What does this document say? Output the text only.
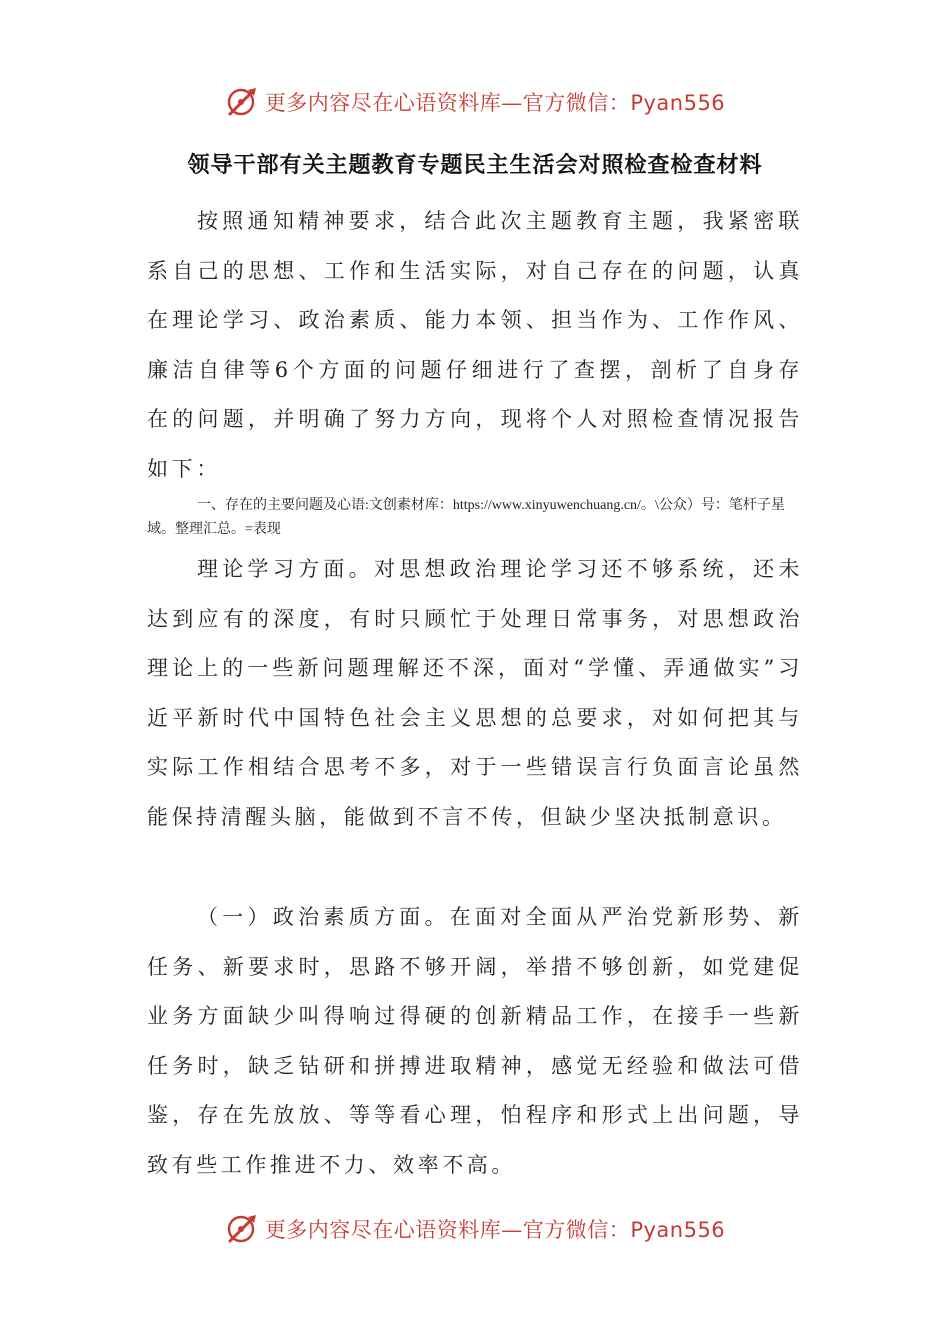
更多内容尽在心语资料库—官方微信：Pyan556
领导干部有关主题教育专题民主生活会对照检查检查材料

按照通知精神要求，结合此次主题教育主题，我紧密联系自己的思想、工作和生活实际，对自己存在的问题，认真在理论学习、政治素质、能力本领、担当作为、工作作风、廉洁自律等6个方面的问题仔细进行了查摆，剖析了自身存在的问题，并明确了努力方向，现将个人对照检查情况报告如下：

一、存在的主要问题及心语:文创素材库：https://www.xinyuwenchuang.cn/。\公众）号：笔杆子星域。整理汇总。=表现

理论学习方面。对思想政治理论学习还不够系统，还未达到应有的深度，有时只顾忙于处理日常事务，对思想政治理论上的一些新问题理解还不深，面对“学懂、弄通做实”习近平新时代中国特色社会主义思想的总要求，对如何把其与实际工作相结合思考不多，对于一些错误言行负面言论虽然能保持清醒头脑，能做到不言不传，但缺少坚决抵制意识。

（一）政治素质方面。在面对全面从严治党新形势、新任务、新要求时，思路不够开阔，举措不够创新，如党建促业务方面缺少叫得响过得硬的创新精品工作，在接手一些新任务时，缺乏钻研和拼搏进取精神，感觉无经验和做法可借鉴，存在先放放、等等看心理，怕程序和形式上出问题，导致有些工作推进不力、效率不高。

更多内容尽在心语资料库—官方微信：Pyan556
